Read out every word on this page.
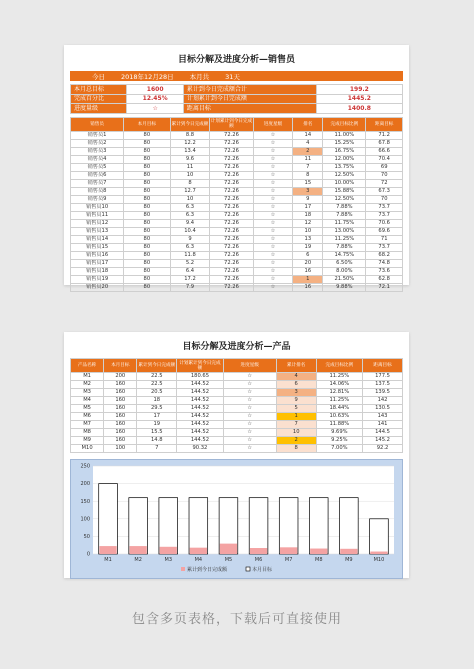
目标分解及进度分析—销售员
今日	2018年12月28日	本月共	31天
本月总目标	1600	累计到今日完成额合计	199.2
完成百分比	12.45%	计划累计到今日完成额	1445.2
进度量级	☆	距离目标	1400.8
销售员	本月目标	累计到今日完成额	计划累计到今日完成额	进度星级	排名	完成目标比例	距离目标
销售员1	80	8.8	72.26	☆	14	11.00%	71.2
销售员2	80	12.2	72.26	☆	4	15.25%	67.8
销售员3	80	13.4	72.26	☆	2	16.75%	66.6
销售员4	80	9.6	72.26	☆	11	12.00%	70.4
销售员5	80	11	72.26	☆	7	13.75%	69
销售员6	80	10	72.26	☆	8	12.50%	70
销售员7	80	8	72.26	☆	15	10.00%	72
销售员8	80	12.7	72.26	☆	3	15.88%	67.3
销售员9	80	10	72.26	☆	9	12.50%	70
销售员10	80	6.3	72.26	☆	17	7.88%	73.7
销售员11	80	6.3	72.26	☆	18	7.88%	73.7
销售员12	80	9.4	72.26	☆	12	11.75%	70.6
销售员13	80	10.4	72.26	☆	10	13.00%	69.6
销售员14	80	9	72.26	☆	13	11.25%	71
销售员15	80	6.3	72.26	☆	19	7.88%	73.7
销售员16	80	11.8	72.26	☆	6	14.75%	68.2
销售员17	80	5.2	72.26	☆	20	6.50%	74.8
销售员18	80	6.4	72.26	☆	16	8.00%	73.6
销售员19	80	17.2	72.26	☆	1	21.50%	62.8
销售员20	80	7.9	72.26	☆	16	9.88%	72.1
目标分解及进度分析—产品
产品名称	本月目标	累计到今日完成额	计划累计到今日完成额	进度星级	累计排名	完成目标比例	距离目标
M1	200	22.5	180.65	☆	4	11.25%	177.5
M2	160	22.5	144.52	☆	6	14.06%	137.5
M3	160	20.5	144.52	☆	3	12.81%	139.5
M4	160	18	144.52	☆	9	11.25%	142
M5	160	29.5	144.52	☆	5	18.44%	130.5
M6	160	17	144.52	☆	1	10.63%	143
M7	160	19	144.52	☆	7	11.88%	141
M8	160	15.5	144.52	☆	10	9.69%	144.5
M9	160	14.8	144.52	☆	2	9.25%	145.2
M10	100	7	90.32	☆	8	7.00%	92.2
0
50
100
150
200
250
M1	M2	M3	M4	M5	M6	M7	M8	M9	M10
累计到今日完成额	本月目标
包含多页表格，下载后可直接使用
